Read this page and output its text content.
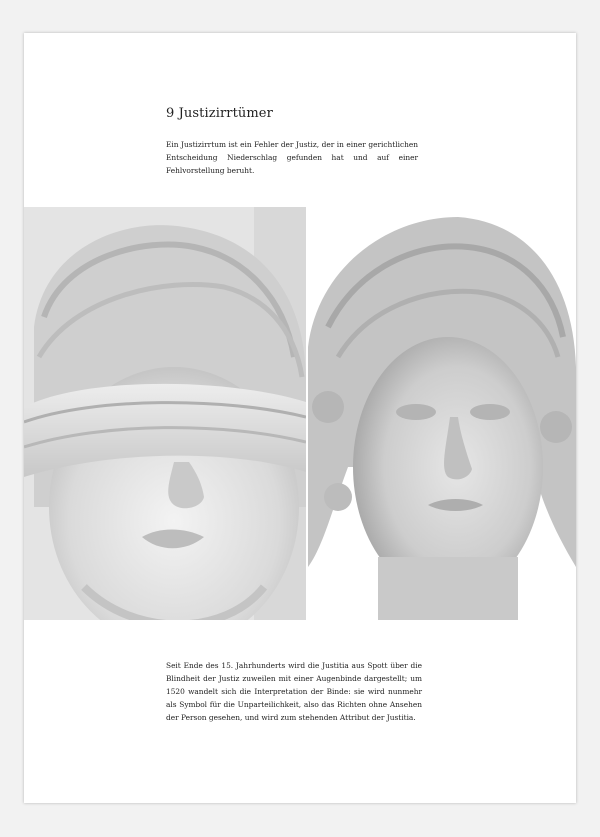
9 Justizirrtümer

Ein Justizirrtum ist ein Fehler der Justiz, der in einer gerichtlichen Entscheidung Niederschlag gefunden hat und auf einer Fehlvorstellung beruht.

Seit Ende des 15. Jahrhunderts wird die Justitia aus Spott über die Blindheit der Justiz zuweilen mit einer Augenbinde dargestellt; um 1520 wandelt sich die Interpretation der Binde: sie wird nunmehr als Symbol für die Unparteilichkeit, also das Richten ohne Ansehen der Person gesehen, und wird zum stehenden Attribut der Justitia.
